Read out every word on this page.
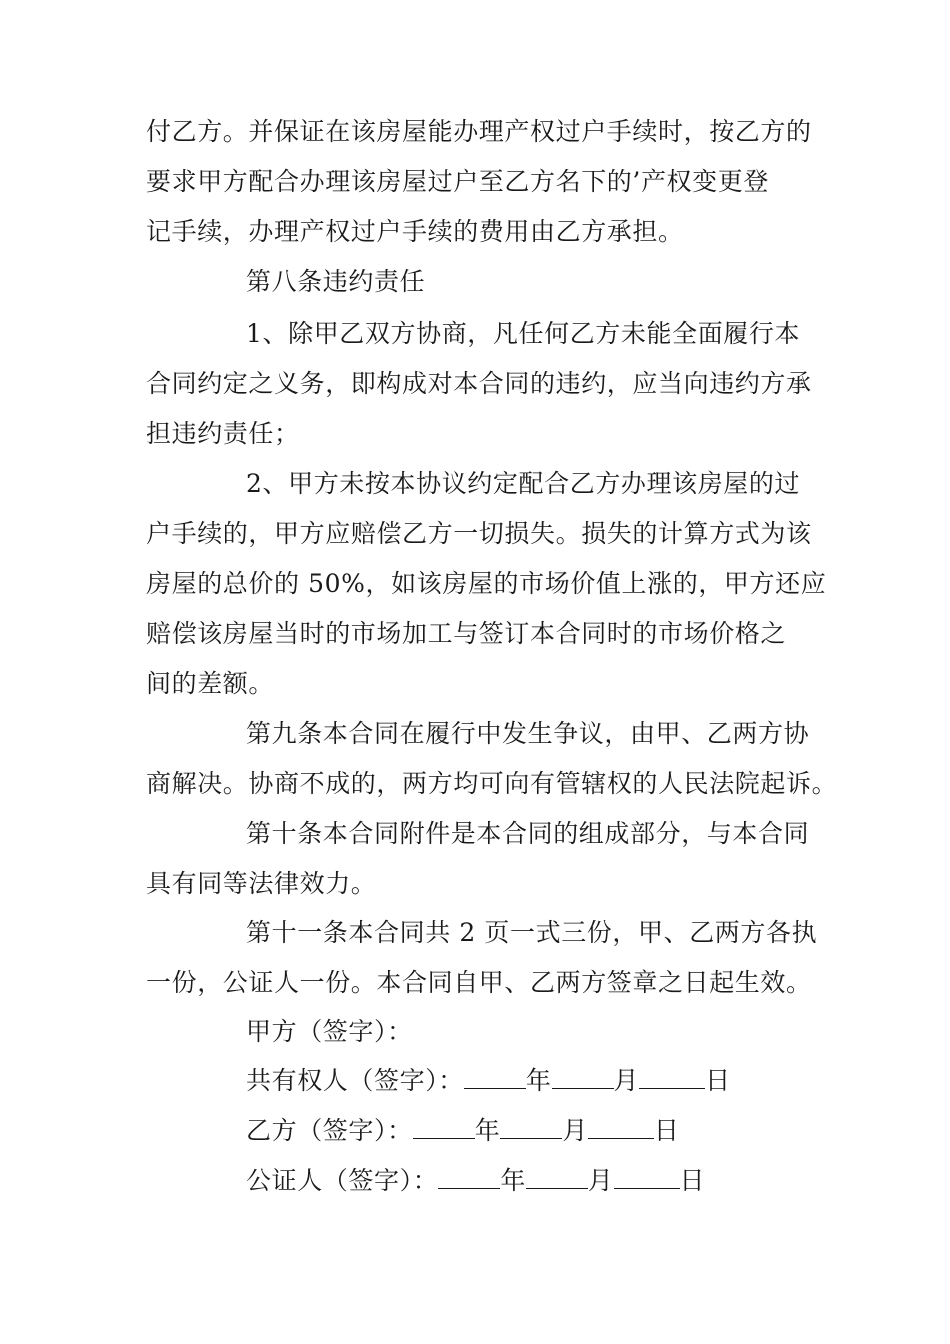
付乙方。并保证在该房屋能办理产权过户手续时，按乙方的
要求甲方配合办理该房屋过户至乙方名下的’产权变更登
记手续，办理产权过户手续的费用由乙方承担。
第八条违约责任
1、除甲乙双方协商，凡任何乙方未能全面履行本
合同约定之义务，即构成对本合同的违约，应当向违约方承
担违约责任；
2、甲方未按本协议约定配合乙方办理该房屋的过
户手续的，甲方应赔偿乙方一切损失。损失的计算方式为该
房屋的总价的 50%，如该房屋的市场价值上涨的，甲方还应
赔偿该房屋当时的市场加工与签订本合同时的市场价格之
间的差额。
第九条本合同在履行中发生争议，由甲、乙两方协
商解决。协商不成的，两方均可向有管辖权的人民法院起诉。
第十条本合同附件是本合同的组成部分，与本合同
具有同等法律效力。
第十一条本合同共 2 页一式三份，甲、乙两方各执
一份，公证人一份。本合同自甲、乙两方签章之日起生效。
甲方（签字）：
共有权人（签字）： 年 月	日
乙方（签字）： 年 月	日
公证人（签字）： 年 月	日
